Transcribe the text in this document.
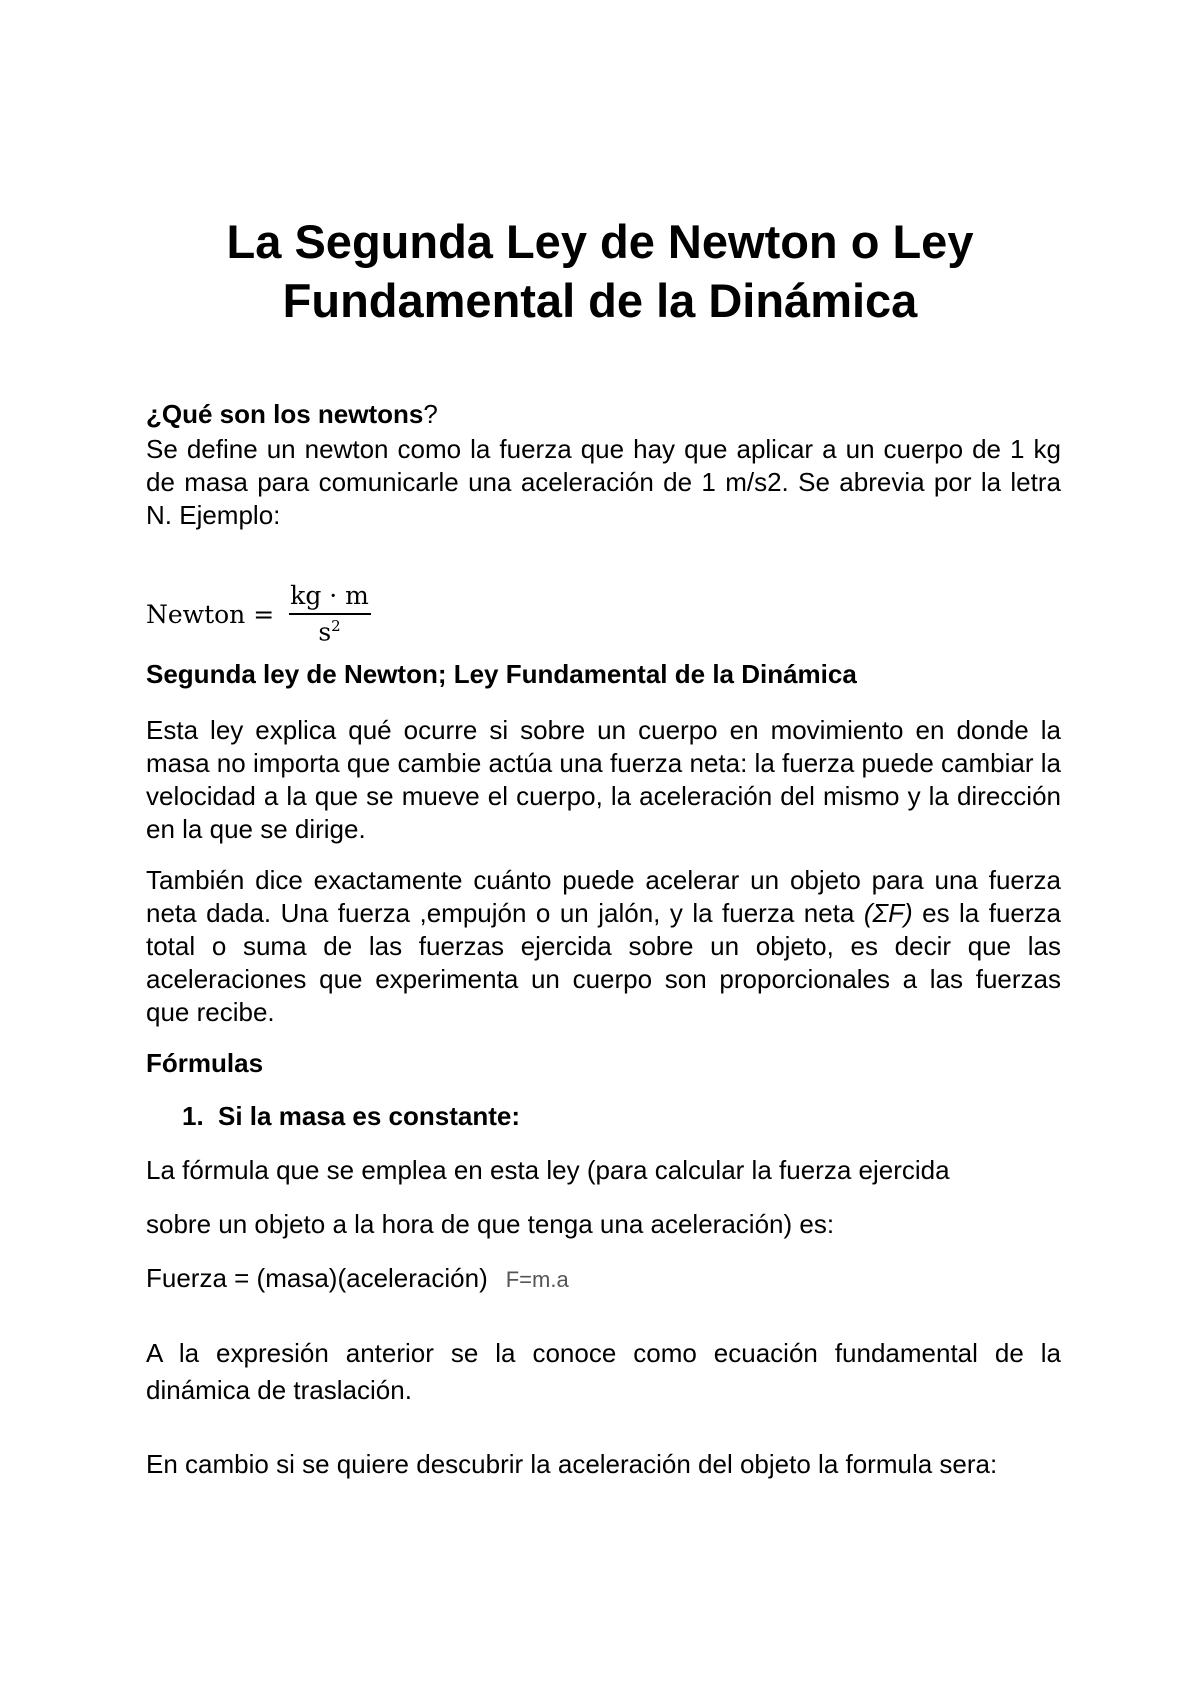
La Segunda Ley de Newton o Ley
Fundamental de la Dinámica

¿Qué son los newtons?

Se define un newton como la fuerza que hay que aplicar a un cuerpo de 1 kg de masa para comunicarle una aceleración de 1 m/s2. Se abrevia por la letra N. Ejemplo:

Newton = $\frac{kg \cdot m}{s^2}$

Segunda ley de Newton; Ley Fundamental de la Dinámica

Esta ley explica qué ocurre si sobre un cuerpo en movimiento en donde la masa no importa que cambie actúa una fuerza neta: la fuerza puede cambiar la velocidad a la que se mueve el cuerpo, la aceleración del mismo y la dirección en la que se dirige.

También dice exactamente cuánto puede acelerar un objeto para una fuerza neta dada. Una fuerza ,empujón o un jalón, y la fuerza neta (ΣF) es la fuerza total o suma de las fuerzas ejercida sobre un objeto, es decir que las aceleraciones que experimenta un cuerpo son proporcionales a las fuerzas que recibe.

Fórmulas

1. Si la masa es constante:

La fórmula que se emplea en esta ley (para calcular la fuerza ejercida

sobre un objeto a la hora de que tenga una aceleración) es:

Fuerza = (masa)(aceleración) F=m.a

A la expresión anterior se la conoce como ecuación fundamental de la dinámica de traslación.

En cambio si se quiere descubrir la aceleración del objeto la formula sera:
